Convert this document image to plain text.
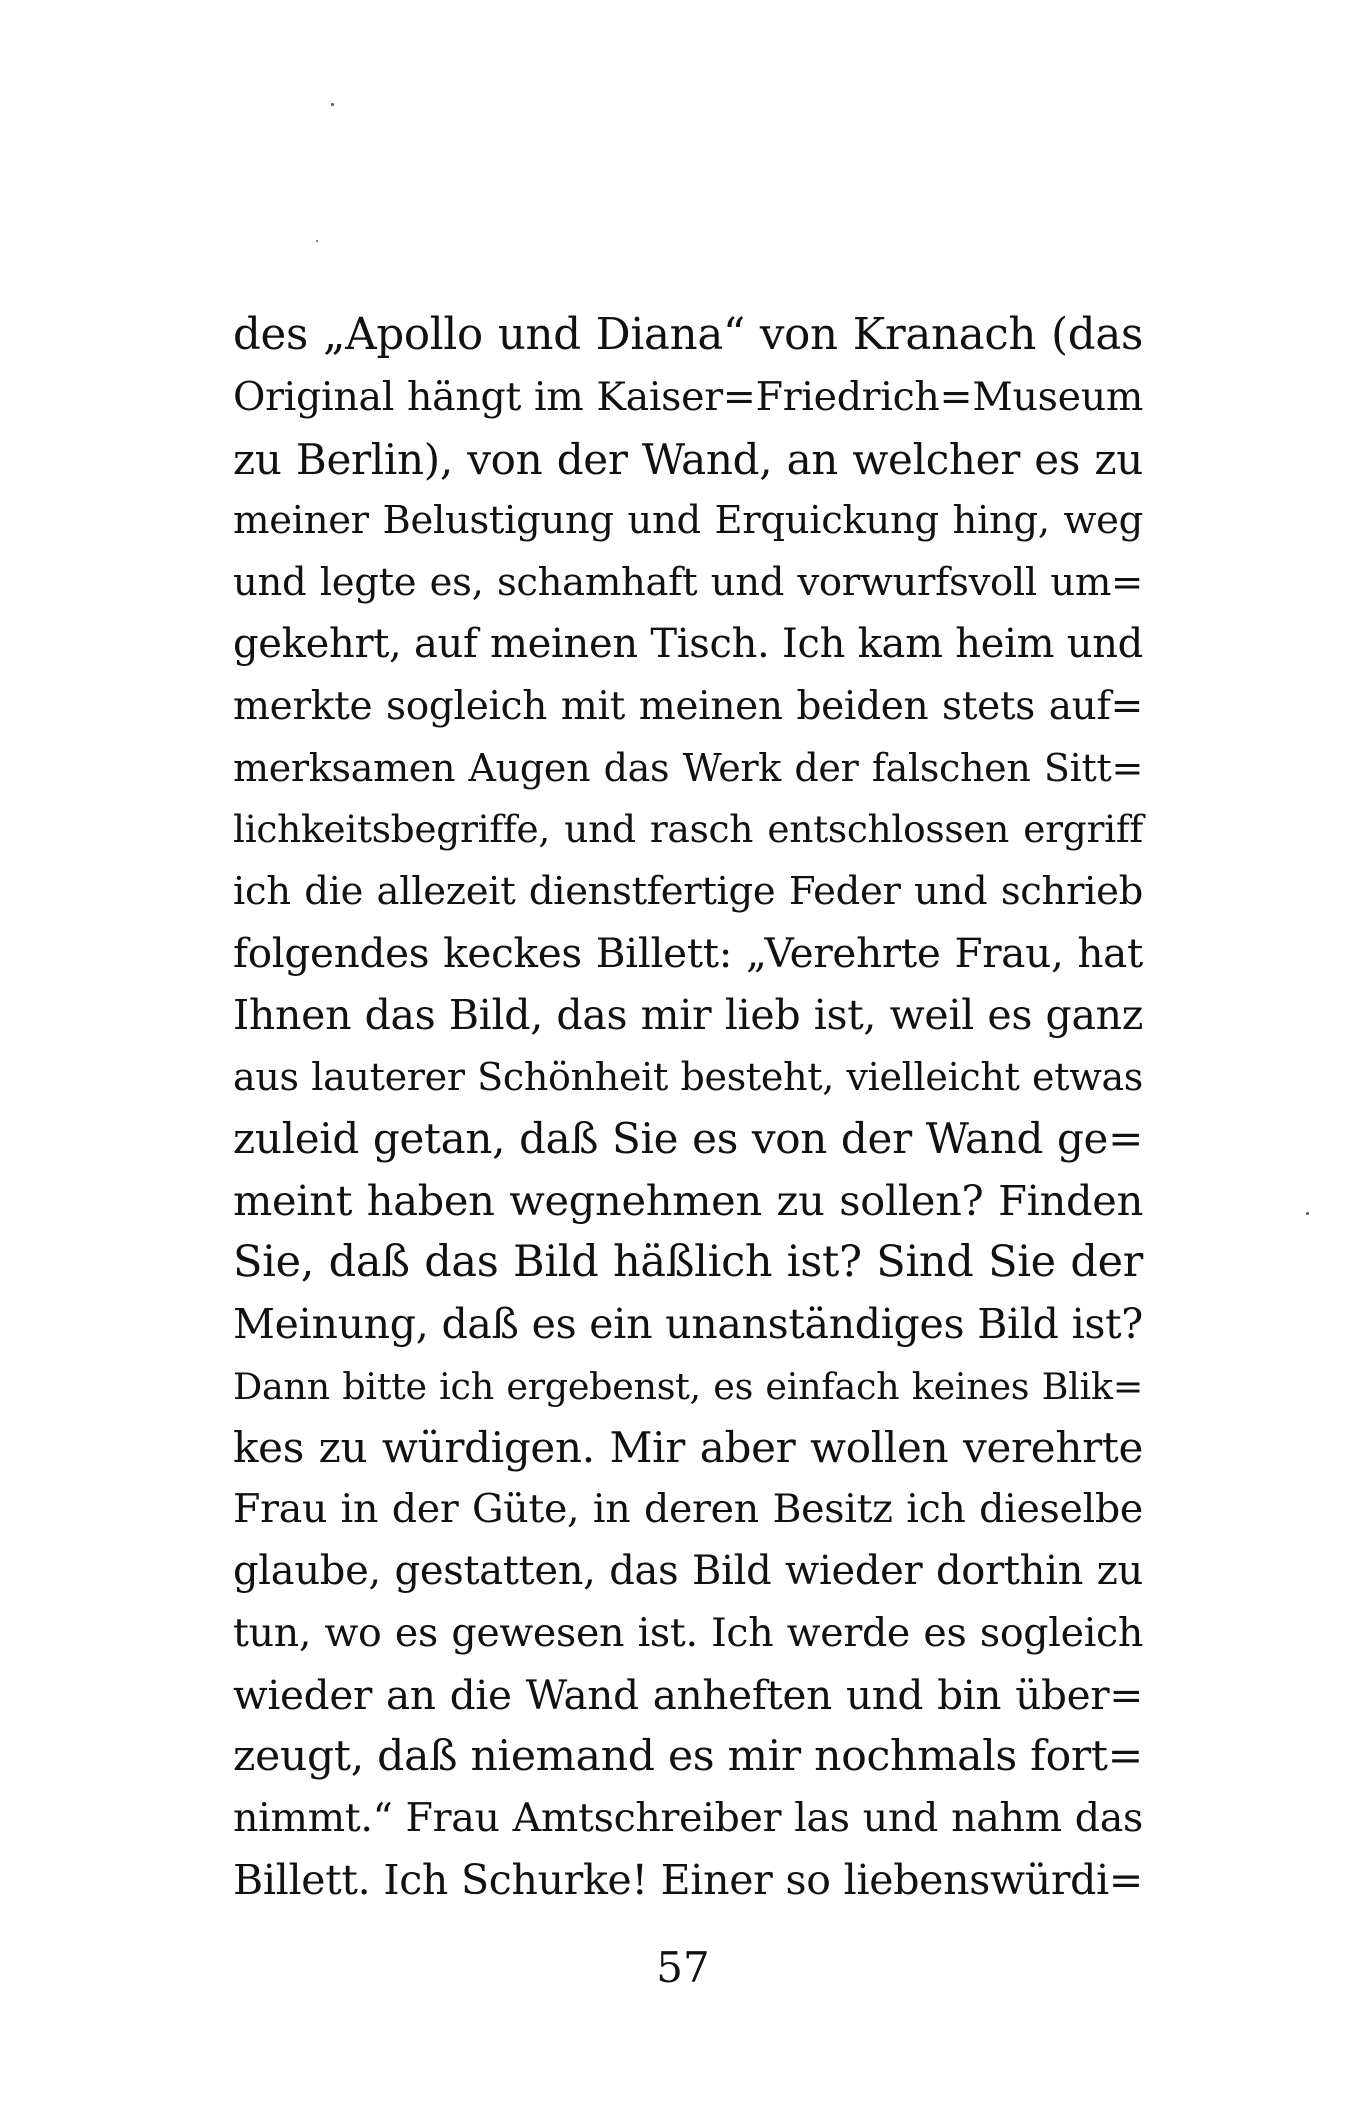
des „Apollo und Diana“ von Kranach (das
Original hängt im Kaiser=Friedrich=Museum
zu Berlin), von der Wand, an welcher es zu
meiner Belustigung und Erquickung hing, weg
und legte es, schamhaft und vorwurfsvoll um=
gekehrt, auf meinen Tisch. Ich kam heim und
merkte sogleich mit meinen beiden stets auf=
merksamen Augen das Werk der falschen Sitt=
lichkeitsbegriffe, und rasch entschlossen ergriff
ich die allezeit dienstfertige Feder und schrieb
folgendes keckes Billett: „Verehrte Frau, hat
Ihnen das Bild, das mir lieb ist, weil es ganz
aus lauterer Schönheit besteht, vielleicht etwas
zuleid getan, daß Sie es von der Wand ge=
meint haben wegnehmen zu sollen? Finden
Sie, daß das Bild häßlich ist? Sind Sie der
Meinung, daß es ein unanständiges Bild ist?
Dann bitte ich ergebenst, es einfach keines Blik=
kes zu würdigen. Mir aber wollen verehrte
Frau in der Güte, in deren Besitz ich dieselbe
glaube, gestatten, das Bild wieder dorthin zu
tun, wo es gewesen ist. Ich werde es sogleich
wieder an die Wand anheften und bin über=
zeugt, daß niemand es mir nochmals fort=
nimmt.“ Frau Amtschreiber las und nahm das
Billett. Ich Schurke! Einer so liebenswürdi=
57
